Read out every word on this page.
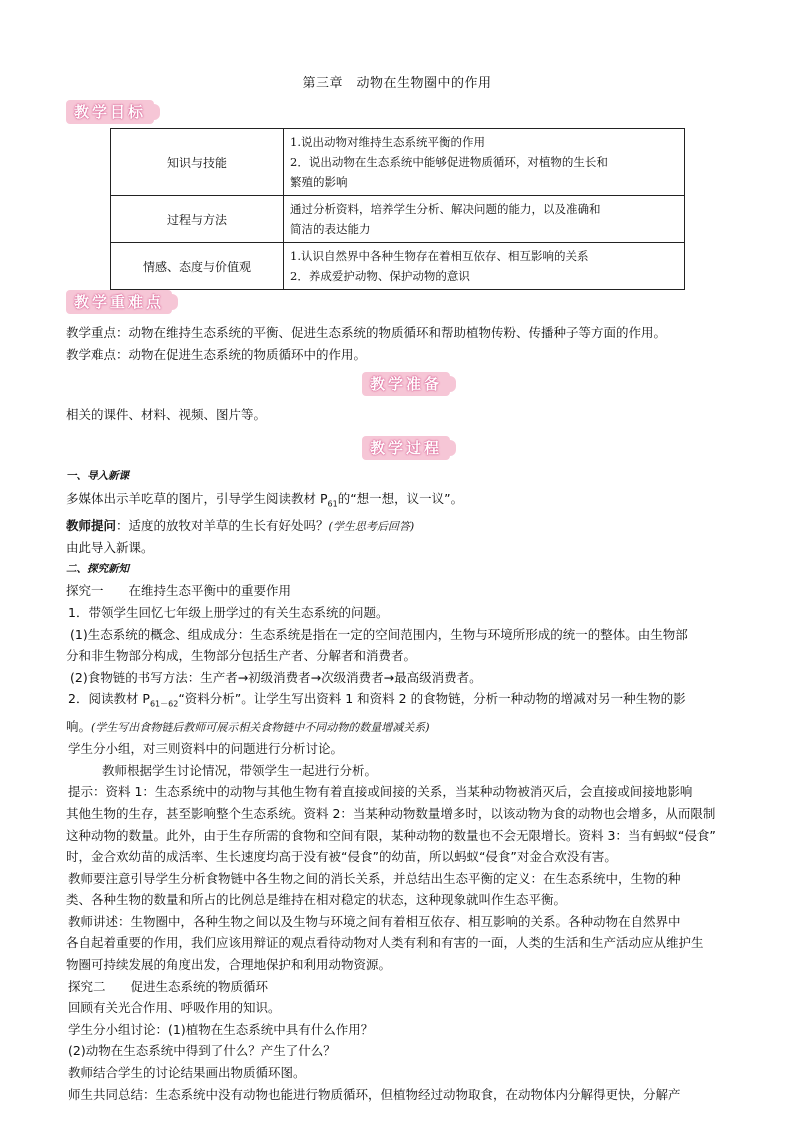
第三章　动物在生物圈中的作用
教学目标
知识与技能	1.说出动物对维持生态系统平衡的作用
2．说出动物在生态系统中能够促进物质循环，对植物的生长和
繁殖的影响

过程与方法	通过分析资料，培养学生分析、解决问题的能力，以及准确和
简洁的表达能力

情感、态度与价值观	1.认识自然界中各种生物存在着相互依存、相互影响的关系
2．养成爱护动物、保护动物的意识
教学重难点

教学重点：动物在维持生态系统的平衡、促进生态系统的物质循环和帮助植物传粉、传播种子等方面的作用。

教学难点：动物在促进生态系统的物质循环中的作用。

教学准备

相关的课件、材料、视频、图片等。

教学过程

一、导入新课

多媒体出示羊吃草的图片，引导学生阅读教材 $P_{61}$的“想一想，议一议”。

教师提问：适度的放牧对羊草的生长有好处吗？(学生思考后回答)

由此导入新课。

二、探究新知

探究一　　在维持生态平衡中的重要作用

1．带领学生回忆七年级上册学过的有关生态系统的问题。

(1)生态系统的概念、组成成分：生态系统是指在一定的空间范围内，生物与环境所形成的统一的整体。由生物部

分和非生物部分构成，生物部分包括生产者、分解者和消费者。

(2)食物链的书写方法：生产者→初级消费者→次级消费者→最高级消费者。

2．阅读教材 $P_{61-62}“$资料分析”。让学生写出资料 1 和资料 2 的食物链，分析一种动物的增减对另一种生物的影

响。(学生写出食物链后教师可展示相关食物链中不同动物的数量增减关系)

学生分小组，对三则资料中的问题进行分析讨论。

教师根据学生讨论情况，带领学生一起进行分析。

提示：资料 1：生态系统中的动物与其他生物有着直接或间接的关系，当某种动物被消灭后，会直接或间接地影响

其他生物的生存，甚至影响整个生态系统。资料 2：当某种动物数量增多时，以该动物为食的动物也会增多，从而限制

这种动物的数量。此外，由于生存所需的食物和空间有限，某种动物的数量也不会无限增长。资料 3：当有蚂蚁“侵食”

时，金合欢幼苗的成活率、生长速度均高于没有被“侵食”的幼苗，所以蚂蚁“侵食”对金合欢没有害。

教师要注意引导学生分析食物链中各生物之间的消长关系，并总结出生态平衡的定义：在生态系统中，生物的种

类、各种生物的数量和所占的比例总是维持在相对稳定的状态，这种现象就叫作生态平衡。

教师讲述：生物圈中，各种生物之间以及生物与环境之间有着相互依存、相互影响的关系。各种动物在自然界中

各自起着重要的作用，我们应该用辩证的观点看待动物对人类有利和有害的一面，人类的生活和生产活动应从维护生

物圈可持续发展的角度出发，合理地保护和利用动物资源。

探究二　　促进生态系统的物质循环

回顾有关光合作用、呼吸作用的知识。

学生分小组讨论：(1)植物在生态系统中具有什么作用？

(2)动物在生态系统中得到了什么？产生了什么？

教师结合学生的讨论结果画出物质循环图。

师生共同总结：生态系统中没有动物也能进行物质循环，但植物经过动物取食，在动物体内分解得更快，分解产
